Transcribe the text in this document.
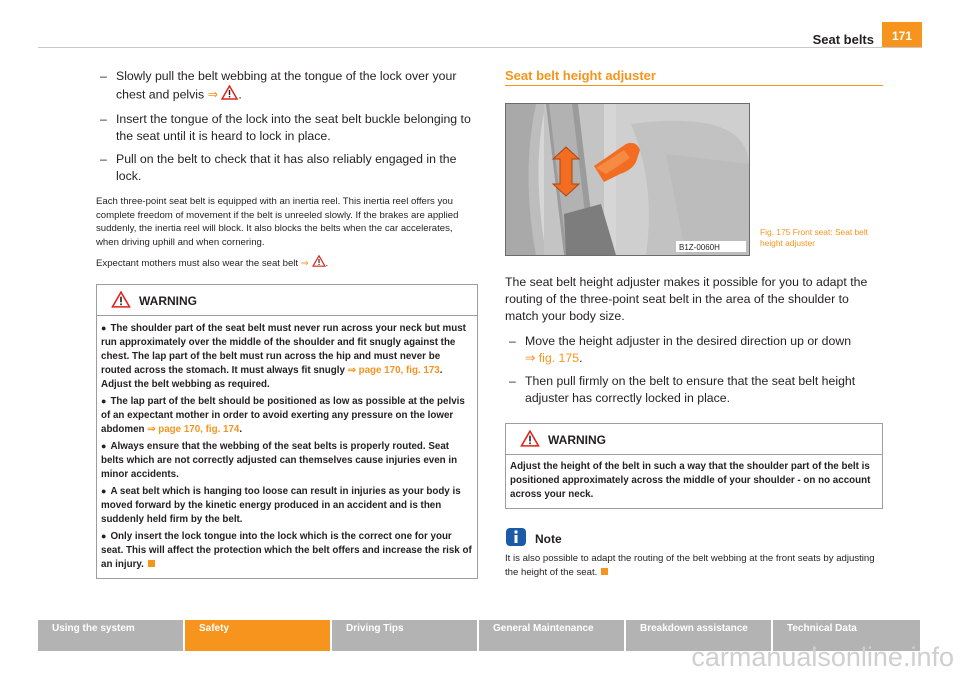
Seat belts	171
– Slowly pull the belt webbing at the tongue of the lock over your chest and pelvis ⇒ .
– Insert the tongue of the lock into the seat belt buckle belonging to the seat until it is heard to lock in place.
– Pull on the belt to check that it has also reliably engaged in the lock.

Each three-point seat belt is equipped with an inertia reel. This inertia reel offers you complete freedom of movement if the belt is unreeled slowly. If the brakes are applied suddenly, the inertia reel will block. It also blocks the belts when the car accelerates, when driving uphill and when cornering.

Expectant mothers must also wear the seat belt ⇒ .

WARNING

● The shoulder part of the seat belt must never run across your neck but must run approximately over the middle of the shoulder and fit snugly against the chest. The lap part of the belt must run across the hip and must never be routed across the stomach. It must always fit snugly ⇒ page 170, fig. 173. Adjust the belt webbing as required.

● The lap part of the belt should be positioned as low as possible at the pelvis of an expectant mother in order to avoid exerting any pressure on the lower abdomen ⇒ page 170, fig. 174.

● Always ensure that the webbing of the seat belts is properly routed. Seat belts which are not correctly adjusted can themselves cause injuries even in minor accidents.

● A seat belt which is hanging too loose can result in injuries as your body is moved forward by the kinetic energy produced in an accident and is then suddenly held firm by the belt.

● Only insert the lock tongue into the lock which is the correct one for your seat. This will affect the protection which the belt offers and increase the risk of an injury.

Seat belt height adjuster
B1Z-0060H
Fig. 175 Front seat: Seat belt height adjuster

The seat belt height adjuster makes it possible for you to adapt the routing of the three-point seat belt in the area of the shoulder to match your body size.

– Move the height adjuster in the desired direction up or down
⇒ fig. 175.
– Then pull firmly on the belt to ensure that the seat belt height adjuster has correctly locked in place.
WARNING

Adjust the height of the belt in such a way that the shoulder part of the belt is positioned approximately across the middle of your shoulder - on no account across your neck.

Note
It is also possible to adapt the routing of the belt webbing at the front seats by adjusting the height of the seat.
Using the system	Safety	Driving Tips	General Maintenance	Breakdown assistance	Technical Data
carmanualsonline.info
